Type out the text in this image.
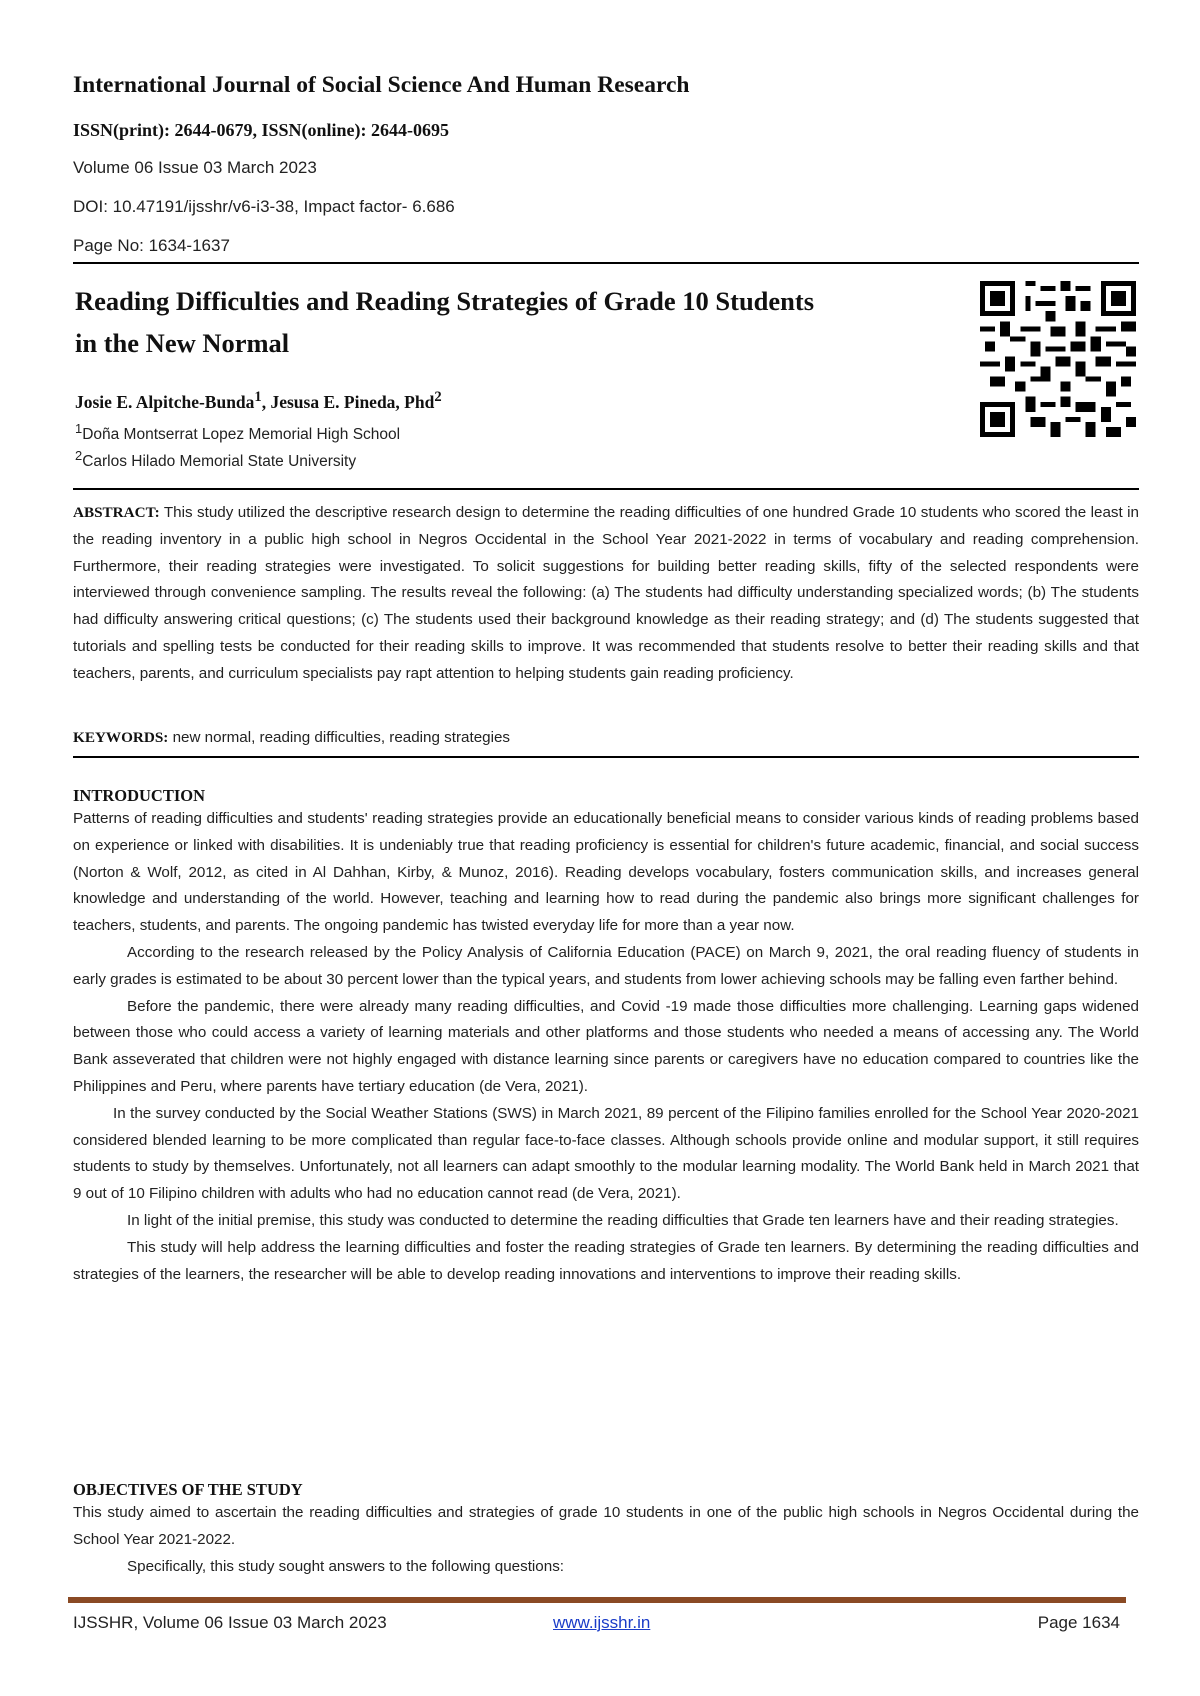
International Journal of Social Science And Human Research
ISSN(print): 2644-0679, ISSN(online): 2644-0695
Volume 06 Issue 03 March 2023
DOI: 10.47191/ijsshr/v6-i3-38, Impact factor- 6.686
Page No: 1634-1637
Reading Difficulties and Reading Strategies of Grade 10 Students
in the New Normal
Josie E. Alpitche-Bunda$^1$, Jesusa E. Pineda, Phd$^2$
$^1$Doña Montserrat Lopez Memorial High School
$^2$Carlos Hilado Memorial State University
ABSTRACT: This study utilized the descriptive research design to determine the reading difficulties of one hundred Grade 10 students who scored the least in the reading inventory in a public high school in Negros Occidental in the School Year 2021-2022 in terms of vocabulary and reading comprehension. Furthermore, their reading strategies were investigated. To solicit suggestions for building better reading skills, fifty of the selected respondents were interviewed through convenience sampling. The results reveal the following: (a) The students had difficulty understanding specialized words; (b) The students had difficulty answering critical questions; (c) The students used their background knowledge as their reading strategy; and (d) The students suggested that tutorials and spelling tests be conducted for their reading skills to improve. It was recommended that students resolve to better their reading skills and that teachers, parents, and curriculum specialists pay rapt attention to helping students gain reading proficiency.
KEYWORDS: new normal, reading difficulties, reading strategies
INTRODUCTION

Patterns of reading difficulties and students' reading strategies provide an educationally beneficial means to consider various kinds of reading problems based on experience or linked with disabilities. It is undeniably true that reading proficiency is essential for children's future academic, financial, and social success (Norton & Wolf, 2012, as cited in Al Dahhan, Kirby, & Munoz, 2016). Reading develops vocabulary, fosters communication skills, and increases general knowledge and understanding of the world. However, teaching and learning how to read during the pandemic also brings more significant challenges for teachers, students, and parents. The ongoing pandemic has twisted everyday life for more than a year now.

According to the research released by the Policy Analysis of California Education (PACE) on March 9, 2021, the oral reading fluency of students in early grades is estimated to be about 30 percent lower than the typical years, and students from lower achieving schools may be falling even farther behind.

Before the pandemic, there were already many reading difficulties, and Covid -19 made those difficulties more challenging. Learning gaps widened between those who could access a variety of learning materials and other platforms and those students who needed a means of accessing any. The World Bank asseverated that children were not highly engaged with distance learning since parents or caregivers have no education compared to countries like the Philippines and Peru, where parents have tertiary education (de Vera, 2021).

In the survey conducted by the Social Weather Stations (SWS) in March 2021, 89 percent of the Filipino families enrolled for the School Year 2020-2021 considered blended learning to be more complicated than regular face-to-face classes. Although schools provide online and modular support, it still requires students to study by themselves. Unfortunately, not all learners can adapt smoothly to the modular learning modality. The World Bank held in March 2021 that 9 out of 10 Filipino children with adults who had no education cannot read (de Vera, 2021).

In light of the initial premise, this study was conducted to determine the reading difficulties that Grade ten learners have and their reading strategies.

This study will help address the learning difficulties and foster the reading strategies of Grade ten learners. By determining the reading difficulties and strategies of the learners, the researcher will be able to develop reading innovations and interventions to improve their reading skills.

OBJECTIVES OF THE STUDY

This study aimed to ascertain the reading difficulties and strategies of grade 10 students in one of the public high schools in Negros Occidental during the School Year 2021-2022.

Specifically, this study sought answers to the following questions:

IJSSHR, Volume 06 Issue 03 March 2023	www.ijsshr.in	Page 1634
